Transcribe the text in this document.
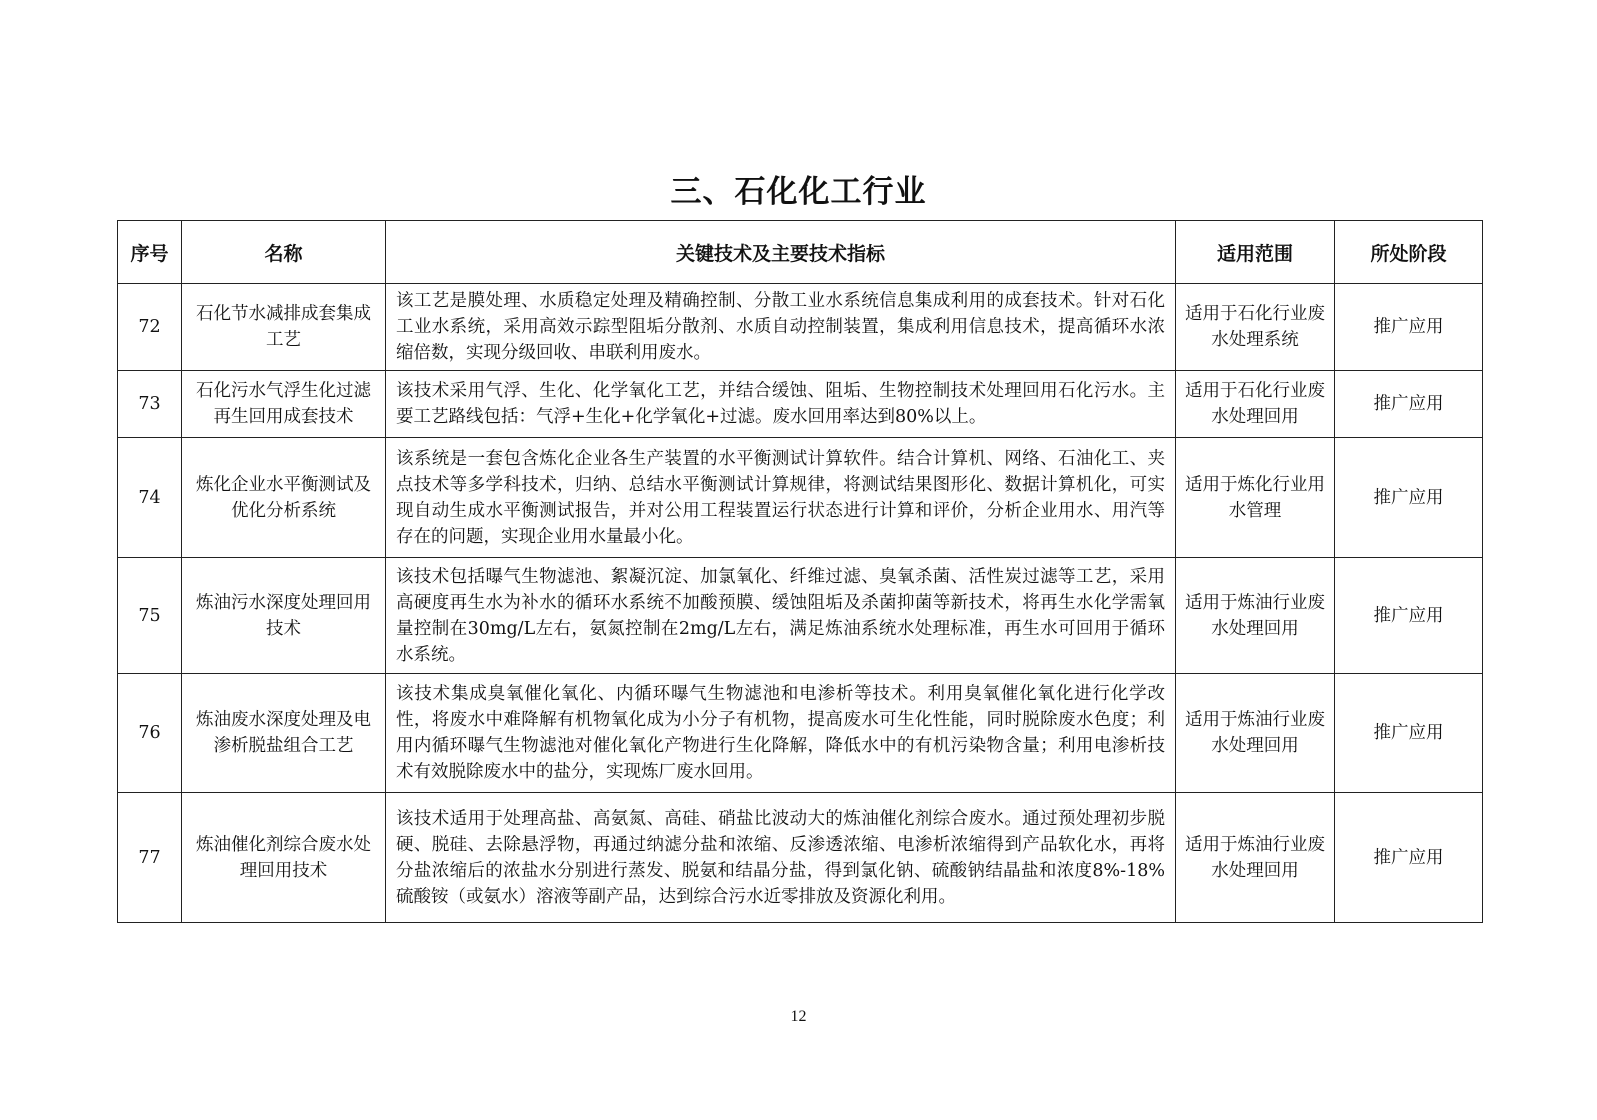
三、石化化工行业
序号	名称	关键技术及主要技术指标	适用范围	所处阶段
72	石化节水减排成套集成工艺	该工艺是膜处理、水质稳定处理及精确控制、分散工业水系统信息集成利用的成套技术。针对石化工业水系统，采用高效示踪型阻垢分散剂、水质自动控制装置，集成利用信息技术，提高循环水浓缩倍数，实现分级回收、串联利用废水。	适用于石化行业废水处理系统	推广应用
73	石化污水气浮生化过滤再生回用成套技术	该技术采用气浮、生化、化学氧化工艺，并结合缓蚀、阻垢、生物控制技术处理回用石化污水。主要工艺路线包括：气浮+生化+化学氧化+过滤。废水回用率达到80%以上。	适用于石化行业废水处理回用	推广应用
74	炼化企业水平衡测试及优化分析系统	该系统是一套包含炼化企业各生产装置的水平衡测试计算软件。结合计算机、网络、石油化工、夹点技术等多学科技术，归纳、总结水平衡测试计算规律，将测试结果图形化、数据计算机化，可实现自动生成水平衡测试报告，并对公用工程装置运行状态进行计算和评价，分析企业用水、用汽等存在的问题，实现企业用水量最小化。	适用于炼化行业用水管理	推广应用
75	炼油污水深度处理回用技术	该技术包括曝气生物滤池、絮凝沉淀、加氯氧化、纤维过滤、臭氧杀菌、活性炭过滤等工艺，采用高硬度再生水为补水的循环水系统不加酸预膜、缓蚀阻垢及杀菌抑菌等新技术，将再生水化学需氧量控制在30mg/L左右，氨氮控制在2mg/L左右，满足炼油系统水处理标准，再生水可回用于循环水系统。	适用于炼油行业废水处理回用	推广应用
76	炼油废水深度处理及电渗析脱盐组合工艺	该技术集成臭氧催化氧化、内循环曝气生物滤池和电渗析等技术。利用臭氧催化氧化进行化学改性，将废水中难降解有机物氧化成为小分子有机物，提高废水可生化性能，同时脱除废水色度；利用内循环曝气生物滤池对催化氧化产物进行生化降解，降低水中的有机污染物含量；利用电渗析技术有效脱除废水中的盐分，实现炼厂废水回用。	适用于炼油行业废水处理回用	推广应用
77	炼油催化剂综合废水处理回用技术	该技术适用于处理高盐、高氨氮、高硅、硝盐比波动大的炼油催化剂综合废水。通过预处理初步脱硬、脱硅、去除悬浮物，再通过纳滤分盐和浓缩、反渗透浓缩、电渗析浓缩得到产品软化水，再将分盐浓缩后的浓盐水分别进行蒸发、脱氨和结晶分盐，得到氯化钠、硫酸钠结晶盐和浓度8%-18%硫酸铵（或氨水）溶液等副产品，达到综合污水近零排放及资源化利用。	适用于炼油行业废水处理回用	推广应用
12
